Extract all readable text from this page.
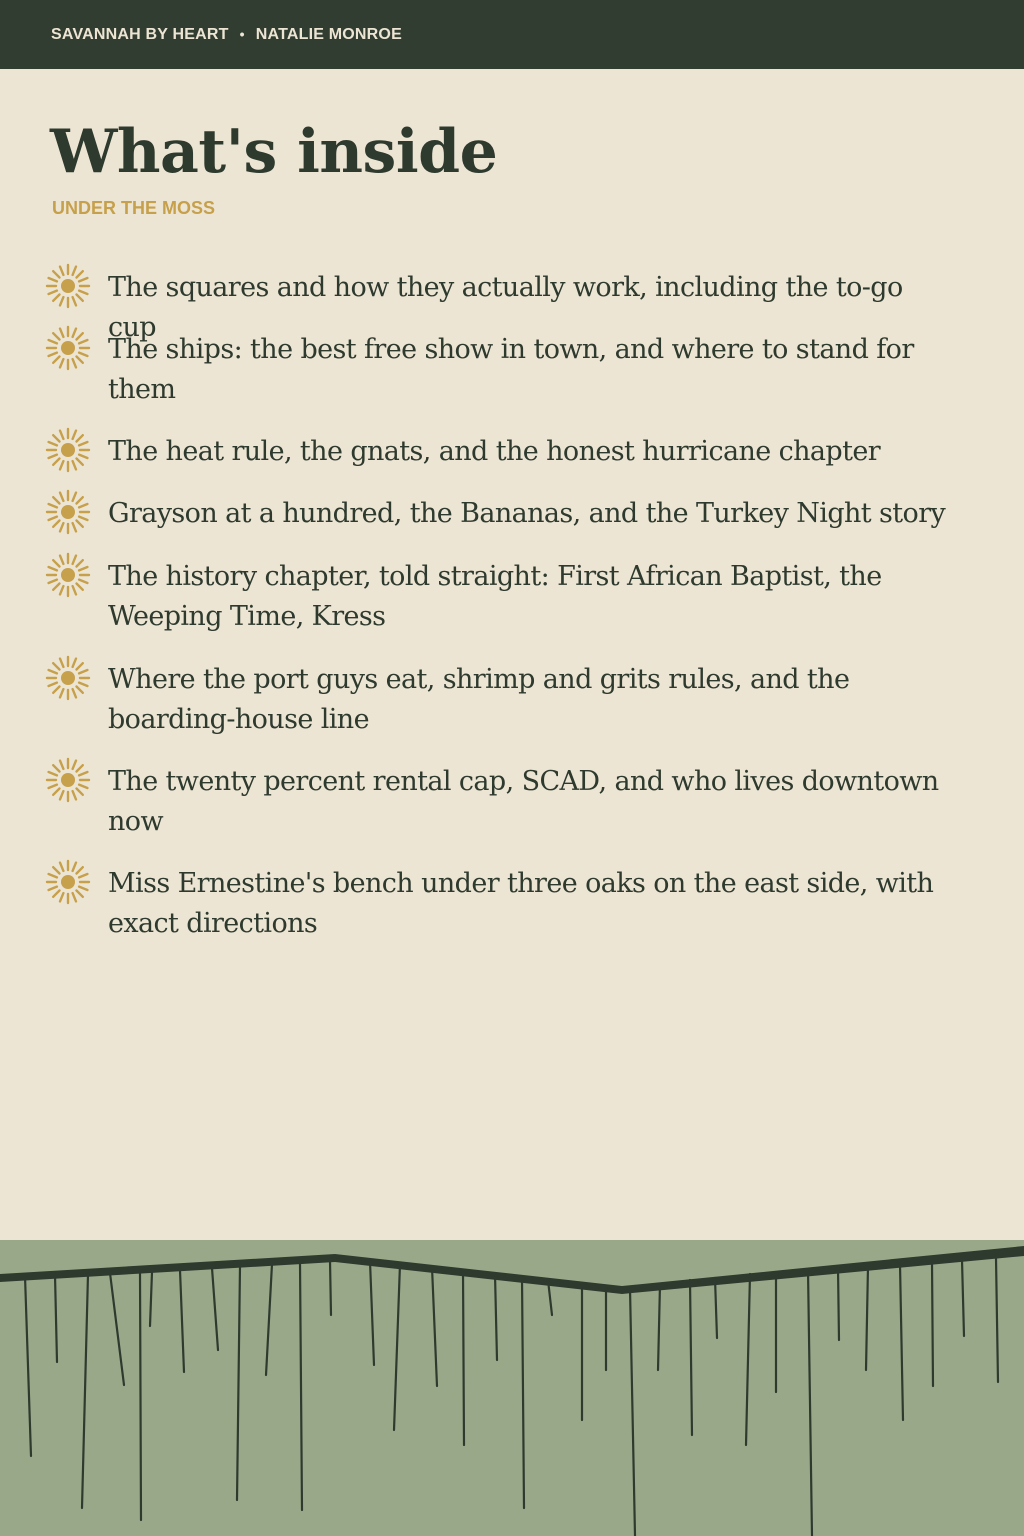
SAVANNAH BY HEART • NATALIE MONROE
What's inside
UNDER THE MOSS
The squares and how they actually work, including the to-go cup
The ships: the best free show in town, and where to stand for them
The heat rule, the gnats, and the honest hurricane chapter
Grayson at a hundred, the Bananas, and the Turkey Night story
The history chapter, told straight: First African Baptist, the Weeping Time, Kress
Where the port guys eat, shrimp and grits rules, and the boarding-house line
The twenty percent rental cap, SCAD, and who lives downtown now
Miss Ernestine's bench under three oaks on the east side, with exact directions
